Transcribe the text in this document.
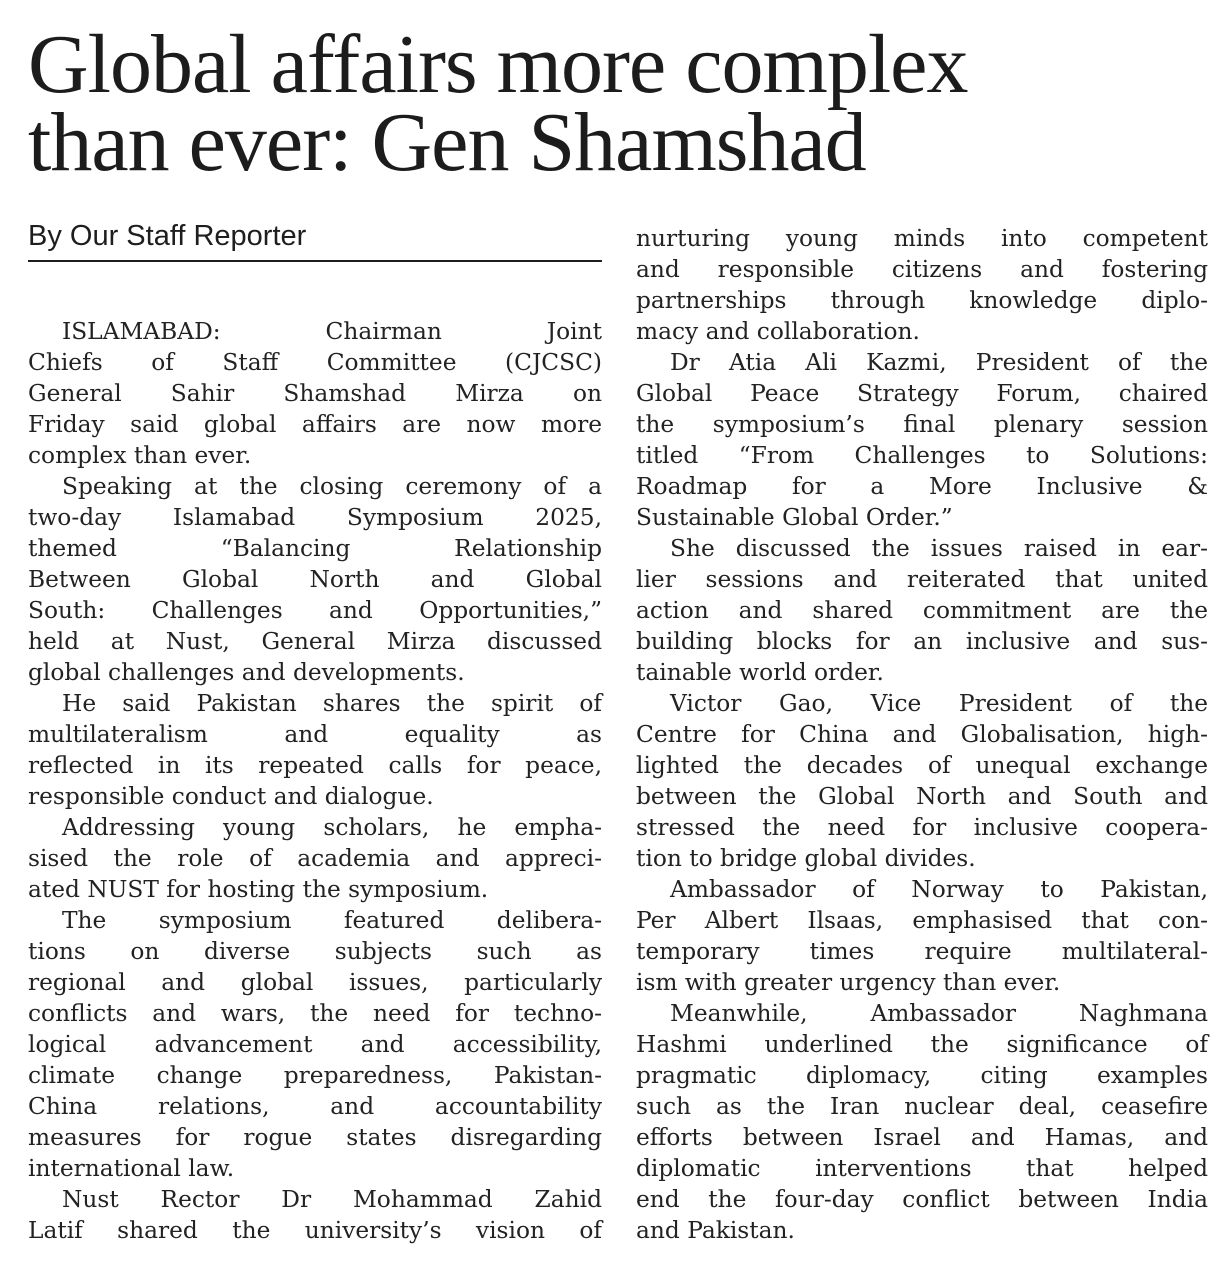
Global affairs more complex
than ever: Gen Shamshad
By Our Staff Reporter
ISLAMABAD: Chairman Joint
Chiefs of Staff Committee (CJCSC)
General Sahir Shamshad Mirza on
Friday said global affairs are now more
complex than ever.
Speaking at the closing ceremony of a
two-day Islamabad Symposium 2025,
themed “Balancing Relationship
Between Global North and Global
South: Challenges and Opportunities,”
held at Nust, General Mirza discussed
global challenges and developments.
He said Pakistan shares the spirit of
multilateralism and equality as
reflected in its repeated calls for peace,
responsible conduct and dialogue.
Addressing young scholars, he empha-
sised the role of academia and appreci-
ated NUST for hosting the symposium.
The symposium featured delibera-
tions on diverse subjects such as
regional and global issues, particularly
conflicts and wars, the need for techno-
logical advancement and accessibility,
climate change preparedness, Pakistan-
China relations, and accountability
measures for rogue states disregarding
international law.
Nust Rector Dr Mohammad Zahid
Latif shared the university’s vision of
nurturing young minds into competent
and responsible citizens and fostering
partnerships through knowledge diplo-
macy and collaboration.
Dr Atia Ali Kazmi, President of the
Global Peace Strategy Forum, chaired
the symposium’s final plenary session
titled “From Challenges to Solutions:
Roadmap for a More Inclusive &
Sustainable Global Order.”
She discussed the issues raised in ear-
lier sessions and reiterated that united
action and shared commitment are the
building blocks for an inclusive and sus-
tainable world order.
Victor Gao, Vice President of the
Centre for China and Globalisation, high-
lighted the decades of unequal exchange
between the Global North and South and
stressed the need for inclusive coopera-
tion to bridge global divides.
Ambassador of Norway to Pakistan,
Per Albert Ilsaas, emphasised that con-
temporary times require multilateral-
ism with greater urgency than ever.
Meanwhile, Ambassador Naghmana
Hashmi underlined the significance of
pragmatic diplomacy, citing examples
such as the Iran nuclear deal, ceasefire
efforts between Israel and Hamas, and
diplomatic interventions that helped
end the four-day conflict between India
and Pakistan.
